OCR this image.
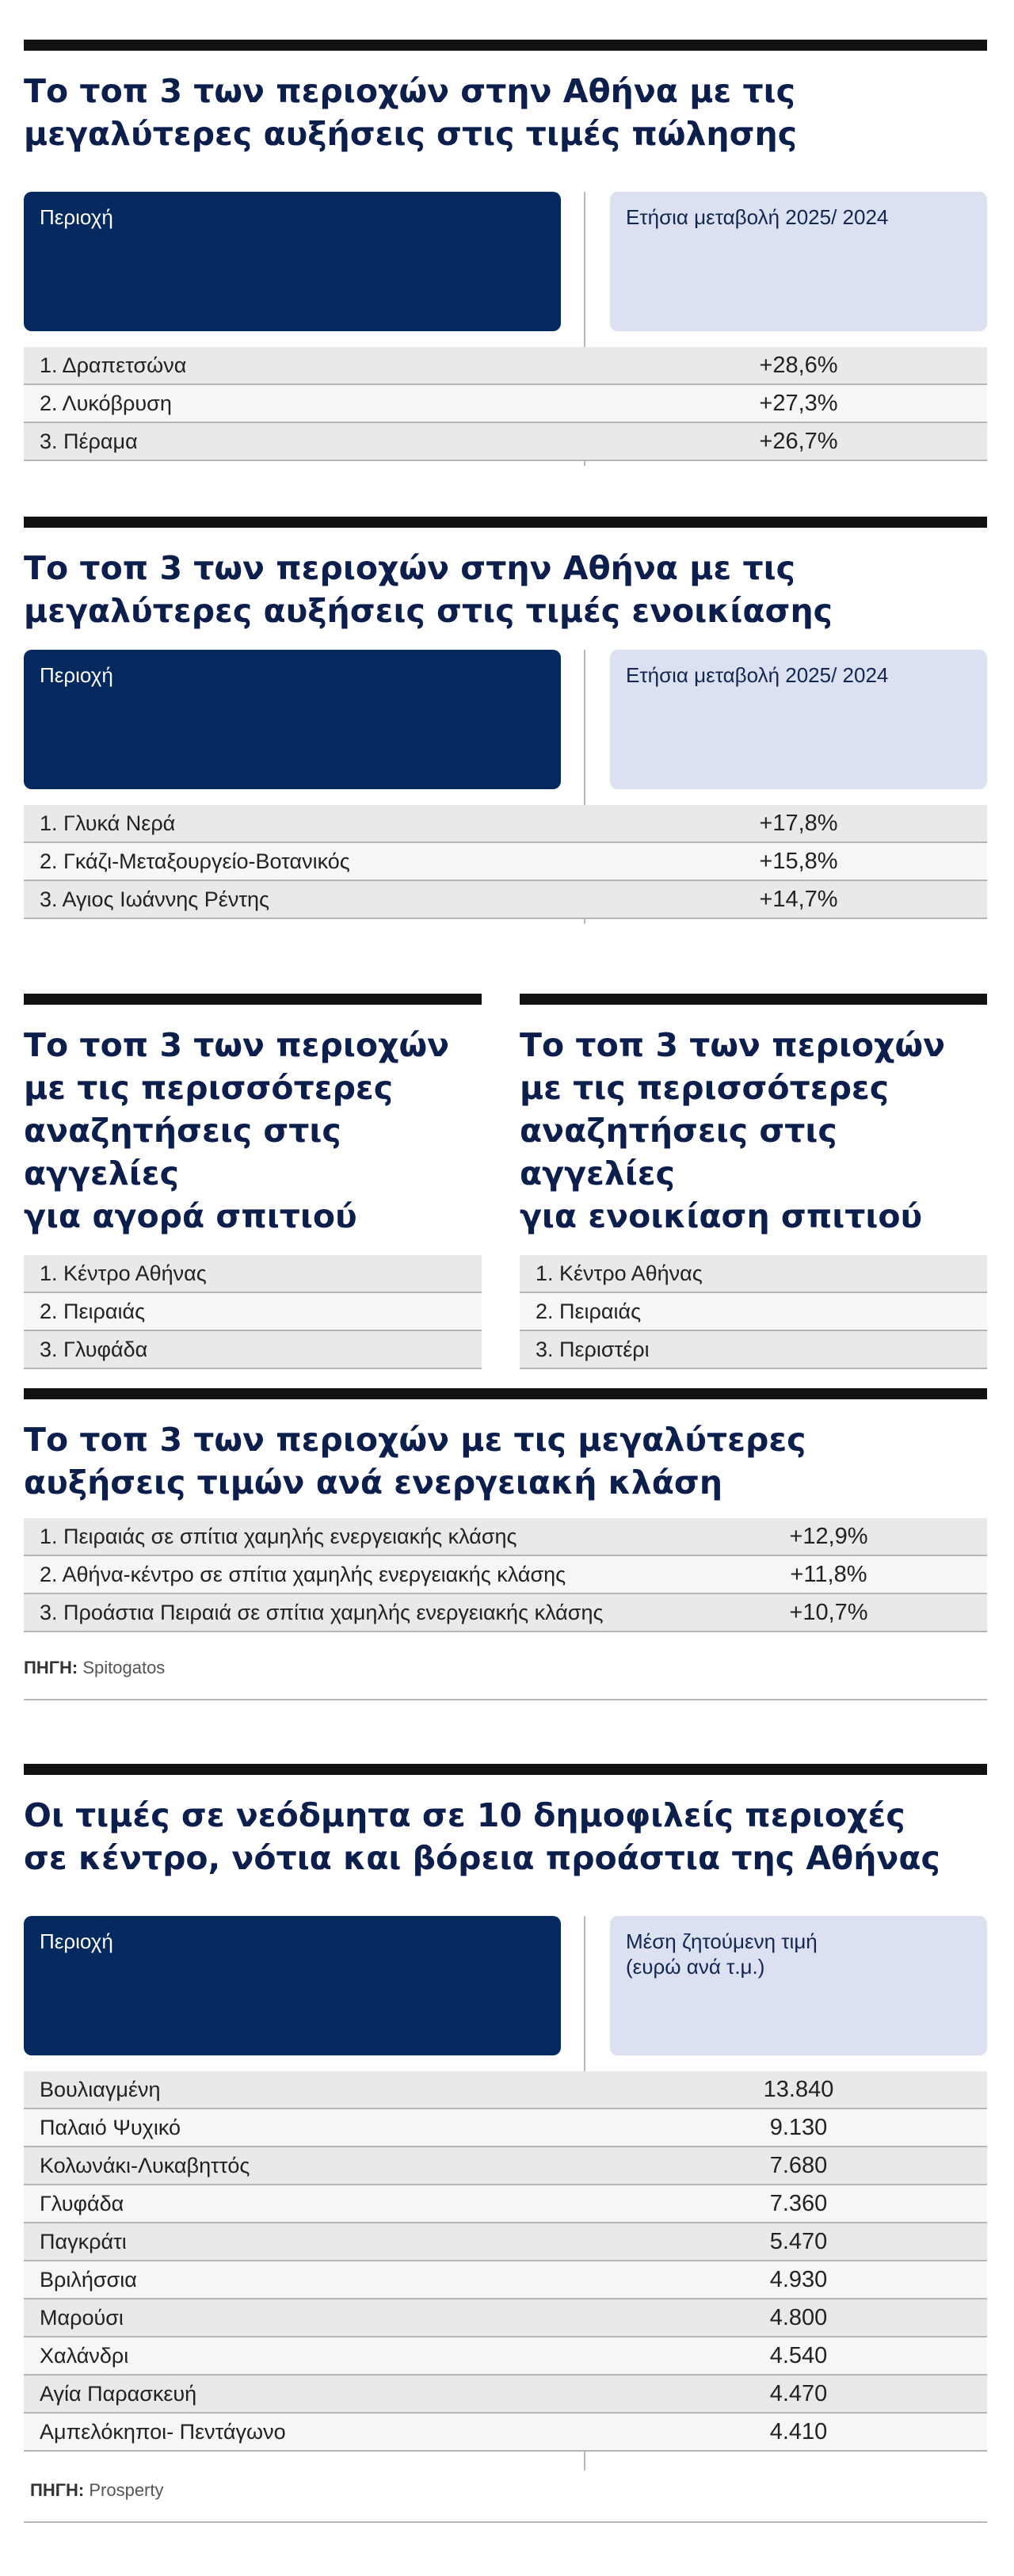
Το τοπ 3 των περιοχών στην Αθήνα με τις
μεγαλύτερες αυξήσεις στις τιμές πώλησης
Περιοχή	Ετήσια μεταβολή 2025/ 2024
1. Δραπετσώνα	+28,6%
2. Λυκόβρυση	+27,3%
3. Πέραμα	+26,7%
Το τοπ 3 των περιοχών στην Αθήνα με τις
μεγαλύτερες αυξήσεις στις τιμές ενοικίασης
Περιοχή	Ετήσια μεταβολή 2025/ 2024
1. Γλυκά Νερά	+17,8%
2. Γκάζι-Μεταξουργείο-Βοτανικός	+15,8%
3. Αγιος Ιωάννης Ρέντης	+14,7%
Το τοπ 3 των περιοχών
με τις περισσότερες
αναζητήσεις στις αγγελίες
για αγορά σπιτιού
1. Κέντρο Αθήνας
2. Πειραιάς
3. Γλυφάδα
Το τοπ 3 των περιοχών
με τις περισσότερες
αναζητήσεις στις αγγελίες
για ενοικίαση σπιτιού
1. Κέντρο Αθήνας
2. Πειραιάς
3. Περιστέρι
Το τοπ 3 των περιοχών με τις μεγαλύτερες
αυξήσεις τιμών ανά ενεργειακή κλάση
1. Πειραιάς σε σπίτια χαμηλής ενεργειακής κλάσης	+12,9%
2. Αθήνα-κέντρο σε σπίτια χαμηλής ενεργειακής κλάσης	+11,8%
3. Προάστια Πειραιά σε σπίτια χαμηλής ενεργειακής κλάσης	+10,7%
ΠΗΓΗ: Spitogatos
Οι τιμές σε νεόδμητα σε 10 δημοφιλείς περιοχές
σε κέντρο, νότια και βόρεια προάστια της Αθήνας
Περιοχή	Μέση ζητούμενη τιμή
(ευρώ ανά τ.μ.)
Βουλιαγμένη	13.840
Παλαιό Ψυχικό	9.130
Κολωνάκι-Λυκαβηττός	7.680
Γλυφάδα	7.360
Παγκράτι	5.470
Βριλήσσια	4.930
Μαρούσι	4.800
Χαλάνδρι	4.540
Αγία Παρασκευή	4.470
Αμπελόκηποι- Πεντάγωνο	4.410
ΠΗΓΗ: Prosperty
